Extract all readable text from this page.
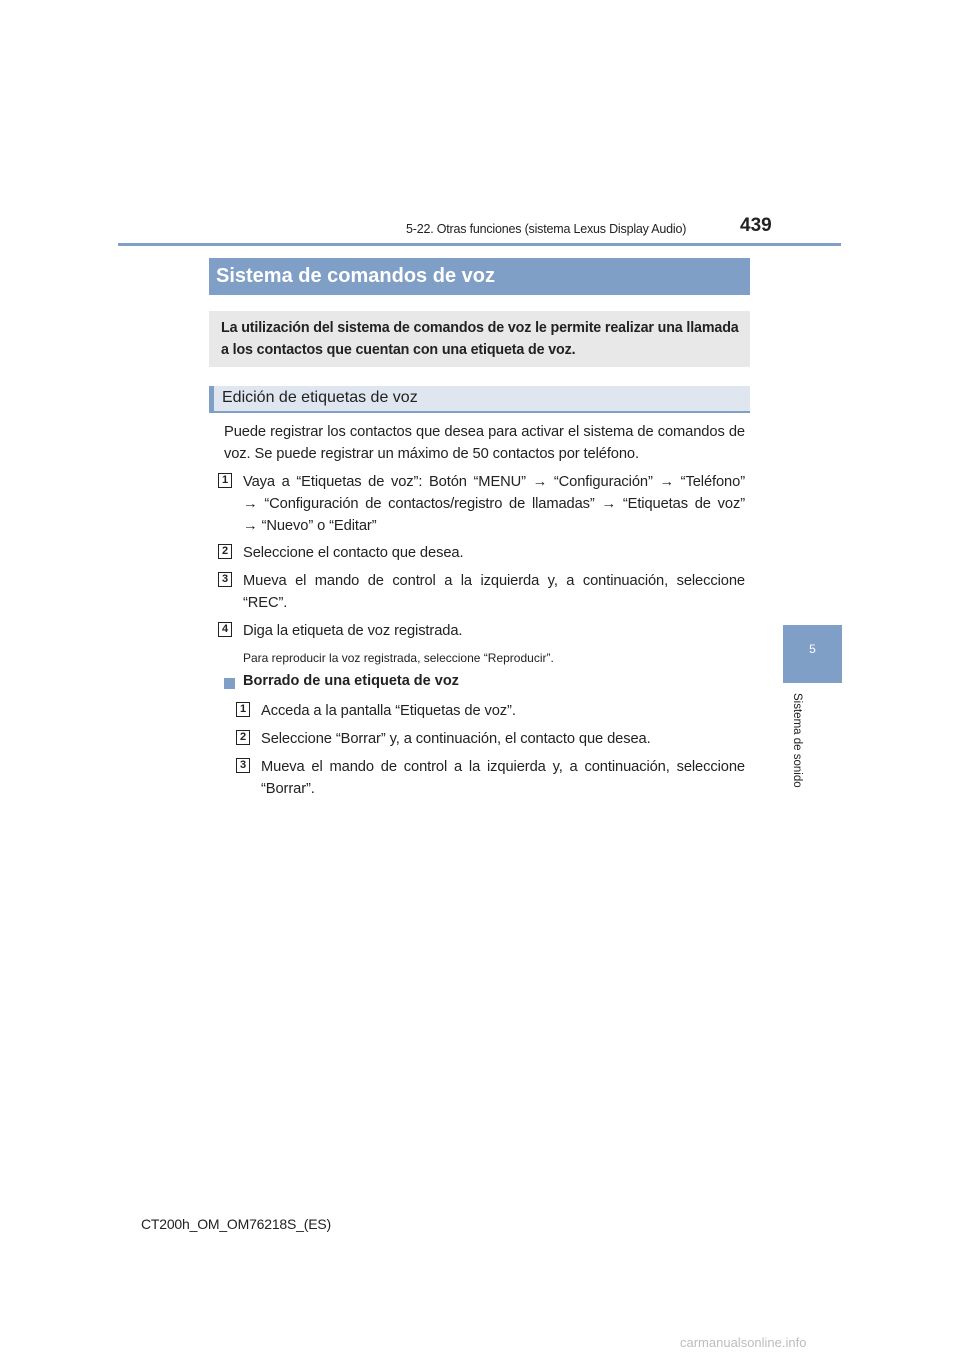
5-22. Otras funciones (sistema Lexus Display Audio)	439
Sistema de comandos de voz
La utilización del sistema de comandos de voz le permite realizar una llamada a los contactos que cuentan con una etiqueta de voz.
Edición de etiquetas de voz
Puede registrar los contactos que desea para activar el sistema de comandos de
voz. Se puede registrar un máximo de 50 contactos por teléfono.
1 Vaya a “Etiquetas de voz”: Botón “MENU” → “Configuración” → “Teléfono”
→ “Configuración de contactos/registro de llamadas” → “Etiquetas de voz”
→ “Nuevo” o “Editar”
2 Seleccione el contacto que desea.
3 Mueva el mando de control a la izquierda y, a continuación, seleccione
“REC”.
4 Diga la etiqueta de voz registrada.
Para reproducir la voz registrada, seleccione “Reproducir”.
Borrado de una etiqueta de voz
1 Acceda a la pantalla “Etiquetas de voz”.
2 Seleccione “Borrar” y, a continuación, el contacto que desea.
3 Mueva el mando de control a la izquierda y, a continuación, seleccione
“Borrar”.
5
Sistema de sonido
CT200h_OM_OM76218S_(ES)
carmanualsonline.info
